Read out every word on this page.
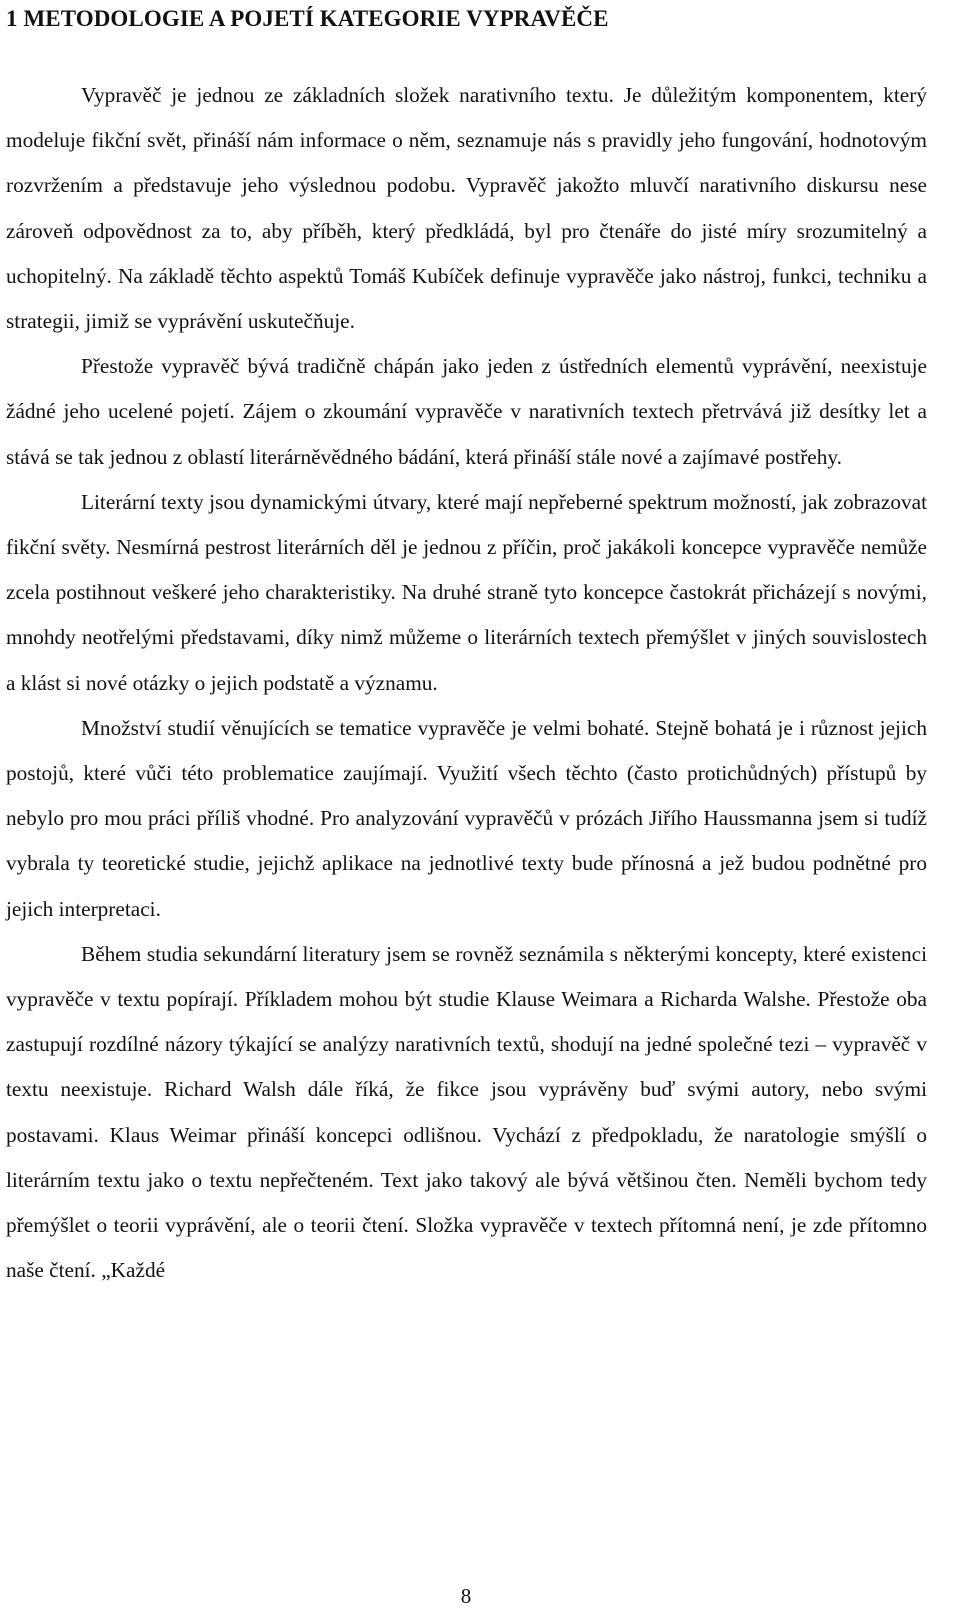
1 METODOLOGIE A POJETÍ KATEGORIE VYPRAVĚČE

Vypravěč je jednou ze základních složek narativního textu. Je důležitým komponentem, který modeluje fikční svět, přináší nám informace o něm, seznamuje nás s pravidly jeho fungování, hodnotovým rozvržením a představuje jeho výslednou podobu. Vypravěč jakožto mluvčí narativního diskursu nese zároveň odpovědnost za to, aby příběh, který předkládá, byl pro čtenáře do jisté míry srozumitelný a uchopitelný. Na základě těchto aspektů Tomáš Kubíček definuje vypravěče jako nástroj, funkci, techniku a strategii, jimiž se vyprávění uskutečňuje.

Přestože vypravěč bývá tradičně chápán jako jeden z ústředních elementů vyprávění, neexistuje žádné jeho ucelené pojetí. Zájem o zkoumání vypravěče v narativních textech přetrvává již desítky let a stává se tak jednou z oblastí literárněvědného bádání, která přináší stále nové a zajímavé postřehy.

Literární texty jsou dynamickými útvary, které mají nepřeberné spektrum možností, jak zobrazovat fikční světy. Nesmírná pestrost literárních děl je jednou z příčin, proč jakákoli koncepce vypravěče nemůže zcela postihnout veškeré jeho charakteristiky. Na druhé straně tyto koncepce častokrát přicházejí s novými, mnohdy neotřelými představami, díky nimž můžeme o literárních textech přemýšlet v jiných souvislostech a klást si nové otázky o jejich podstatě a významu.

Množství studií věnujících se tematice vypravěče je velmi bohaté. Stejně bohatá je i různost jejich postojů, které vůči této problematice zaujímají. Využití všech těchto (často protichůdných) přístupů by nebylo pro mou práci příliš vhodné. Pro analyzování vypravěčů v prózách Jiřího Haussmanna jsem si tudíž vybrala ty teoretické studie, jejichž aplikace na jednotlivé texty bude přínosná a jež budou podnětné pro jejich interpretaci.

Během studia sekundární literatury jsem se rovněž seznámila s některými koncepty, které existenci vypravěče v textu popírají. Příkladem mohou být studie Klause Weimara a Richarda Walshe. Přestože oba zastupují rozdílné názory týkající se analýzy narativních textů, shodují na jedné společné tezi – vypravěč v textu neexistuje. Richard Walsh dále říká, že fikce jsou vyprávěny buď svými autory, nebo svými postavami. Klaus Weimar přináší koncepci odlišnou. Vychází z předpokladu, že naratologie smýšlí o literárním textu jako o textu nepřečteném. Text jako takový ale bývá většinou čten. Neměli bychom tedy přemýšlet o teorii vyprávění, ale o teorii čtení. Složka vypravěče v textech přítomná není, je zde přítomno naše čtení. „Každé

8
